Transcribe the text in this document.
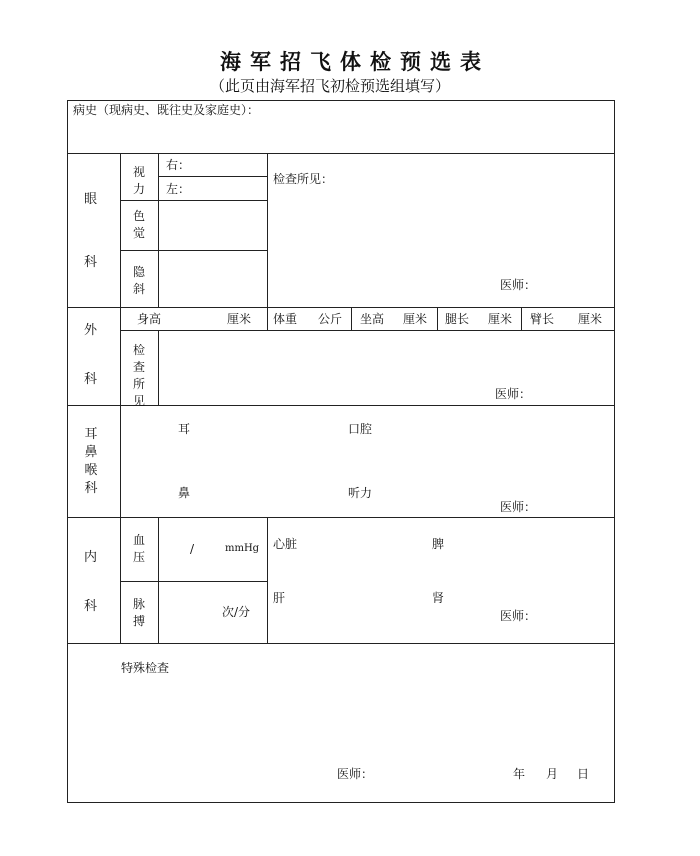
海军招飞体检预选表
（此页由海军招飞初检预选组填写）
病史（现病史、既往史及家庭史）：
眼
科
视
力
右：
左：
色
觉
隐
斜
检查所见：
医师：
外
科
身高	厘米 体重 公斤 坐高 厘米 腿长 厘米 臂长 厘米
检
查
所
见	医师：
耳
鼻
喉
科
耳	口腔
鼻	听力
医师：
内
科
血
压
/	mmHg
脉
搏
次/分
心脏	脾
肝	肾
医师：
特殊检查
医师：	年 月 日
